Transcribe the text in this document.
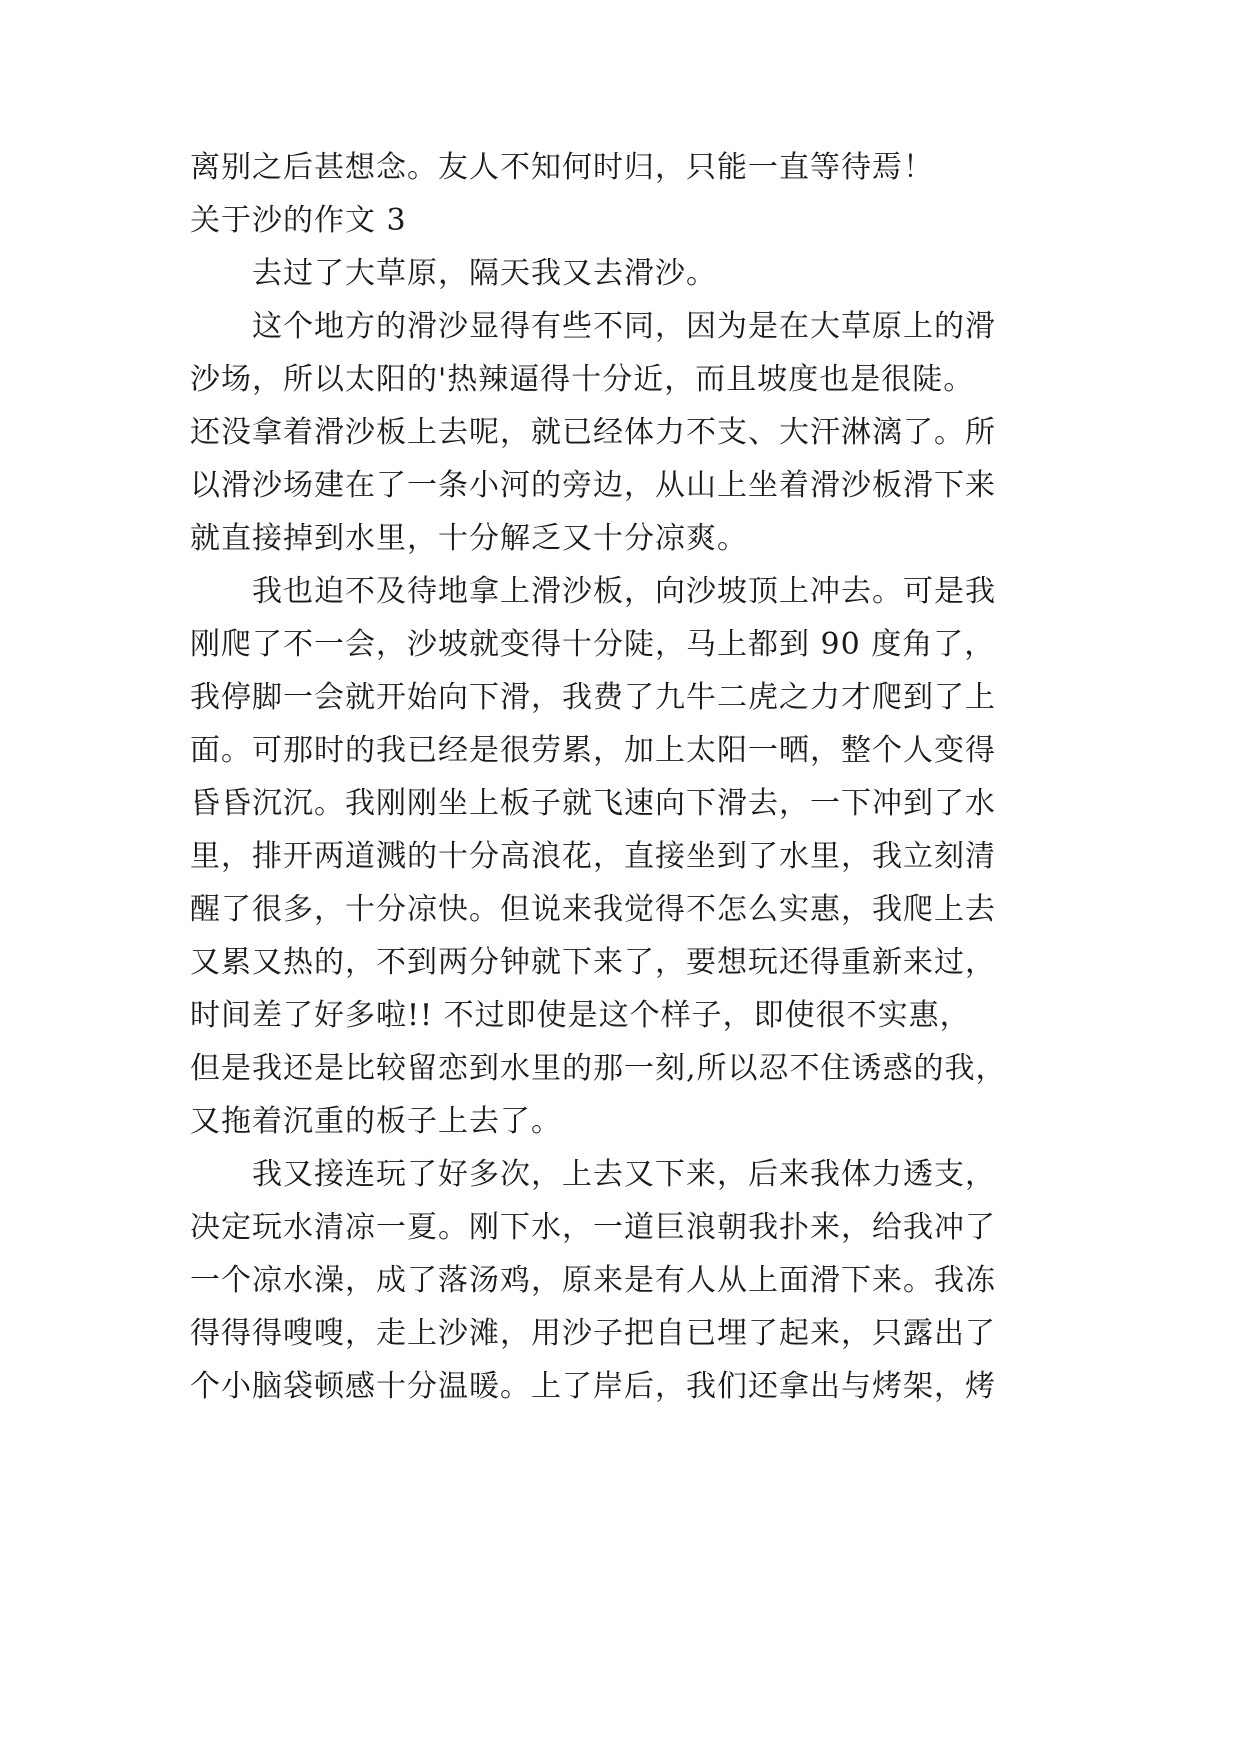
离别之后甚想念。友人不知何时归，只能一直等待焉！
关于沙的作文 3
去过了大草原，隔天我又去滑沙。
这个地方的滑沙显得有些不同，因为是在大草原上的滑
沙场，所以太阳的'热辣逼得十分近，而且坡度也是很陡。
还没拿着滑沙板上去呢，就已经体力不支、大汗淋漓了。所
以滑沙场建在了一条小河的旁边，从山上坐着滑沙板滑下来
就直接掉到水里，十分解乏又十分凉爽。
我也迫不及待地拿上滑沙板，向沙坡顶上冲去。可是我
刚爬了不一会，沙坡就变得十分陡，马上都到 90 度角了，
我停脚一会就开始向下滑，我费了九牛二虎之力才爬到了上
面。可那时的我已经是很劳累，加上太阳一晒，整个人变得
昏昏沉沉。我刚刚坐上板子就飞速向下滑去，一下冲到了水
里，排开两道溅的十分高浪花，直接坐到了水里，我立刻清
醒了很多，十分凉快。但说来我觉得不怎么实惠，我爬上去
又累又热的，不到两分钟就下来了，要想玩还得重新来过，
时间差了好多啦!! 不过即使是这个样子，即使很不实惠，
但是我还是比较留恋到水里的那一刻,所以忍不住诱惑的我，
又拖着沉重的板子上去了。
我又接连玩了好多次，上去又下来，后来我体力透支，
决定玩水清凉一夏。刚下水，一道巨浪朝我扑来，给我冲了
一个凉水澡，成了落汤鸡，原来是有人从上面滑下来。我冻
得得得嗖嗖，走上沙滩，用沙子把自已埋了起来，只露出了
个小脑袋顿感十分温暖。上了岸后，我们还拿出与烤架，烤
